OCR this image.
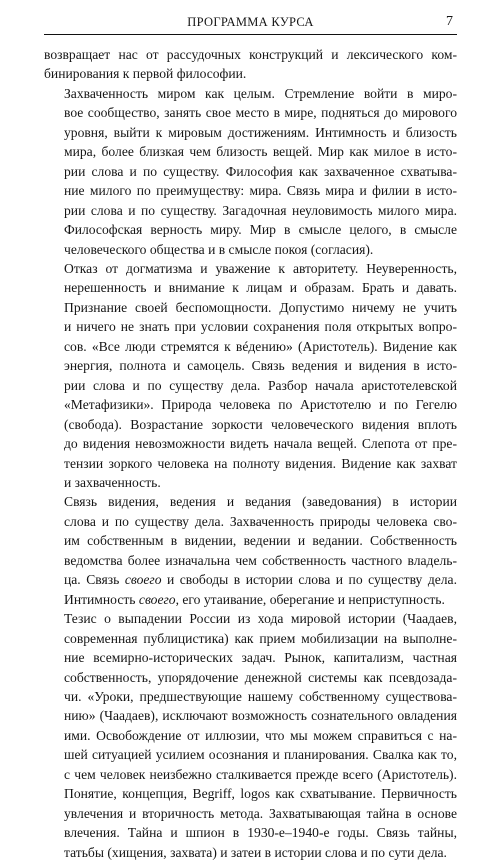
ПРОГРАММА КУРСА	7

возвращает нас от рассудочных конструкций и лексического ком-
бинирования к первой философии.

Захваченность миром как целым. Стремление войти в миро-
вое сообщество, занять свое место в мире, подняться до мирового
уровня, выйти к мировым достижениям. Интимность и близость
мира, более близкая чем близость вещей. Мир как милое в исто-
рии слова и по существу. Философия как захваченное схватыва-
ние милого по преимуществу: мира. Связь мира и филии в исто-
рии слова и по существу. Загадочная неуловимость милого мира.
Философская верность миру. Мир в смысле целого, в смысле
человеческого общества и в смысле покоя (согласия).

Отказ от догматизма и уважение к авторитету. Неуверенность,
нерешенность и внимание к лицам и образам. Брать и давать.
Признание своей беспомощности. Допустимо ничему не учить
и ничего не знать при условии сохранения поля открытых вопро-
сов. «Все люди стремятся к вéдению» (Аристотель). Видение как
энергия, полнота и самоцель. Связь ведения и видения в исто-
рии слова и по существу дела. Разбор начала аристотелевской
«Метафизики». Природа человека по Аристотелю и по Гегелю
(свобода). Возрастание зоркости человеческого видения вплоть
до видения невозможности видеть начала вещей. Слепота от пре-
тензии зоркого человека на полноту видения. Видение как захват
и захваченность.

Связь видения, ведения и ведания (заведования) в истории
слова и по существу дела. Захваченность природы человека сво-
им собственным в видении, ведении и ведании. Собственность
ведомства более изначальна чем собственность частного владель-
ца. Связь своего и свободы в истории слова и по существу дела.
Интимность своего, его утаивание, оберегание и неприступность.

Тезис о выпадении России из хода мировой истории (Чаадаев,
современная публицистика) как прием мобилизации на выполне-
ние всемирно-исторических задач. Рынок, капитализм, частная
собственность, упорядочение денежной системы как псевдозада-
чи. «Уроки, предшествующие нашему собственному существова-
нию» (Чаадаев), исключают возможность сознательного овладения
ими. Освобождение от иллюзии, что мы можем справиться с на-
шей ситуацией усилием осознания и планирования. Свалка как то,
с чем человек неизбежно сталкивается прежде всего (Аристотель).
Понятие, концепция, Begriff, logos как схватывание. Первичность
увлечения и вторичность метода. Захватывающая тайна в основе
влечения. Тайна и шпион в 1930-е–1940-е годы. Связь тайны,
татьбы (хищения, захвата) и затеи в истории слова и по сути дела.
